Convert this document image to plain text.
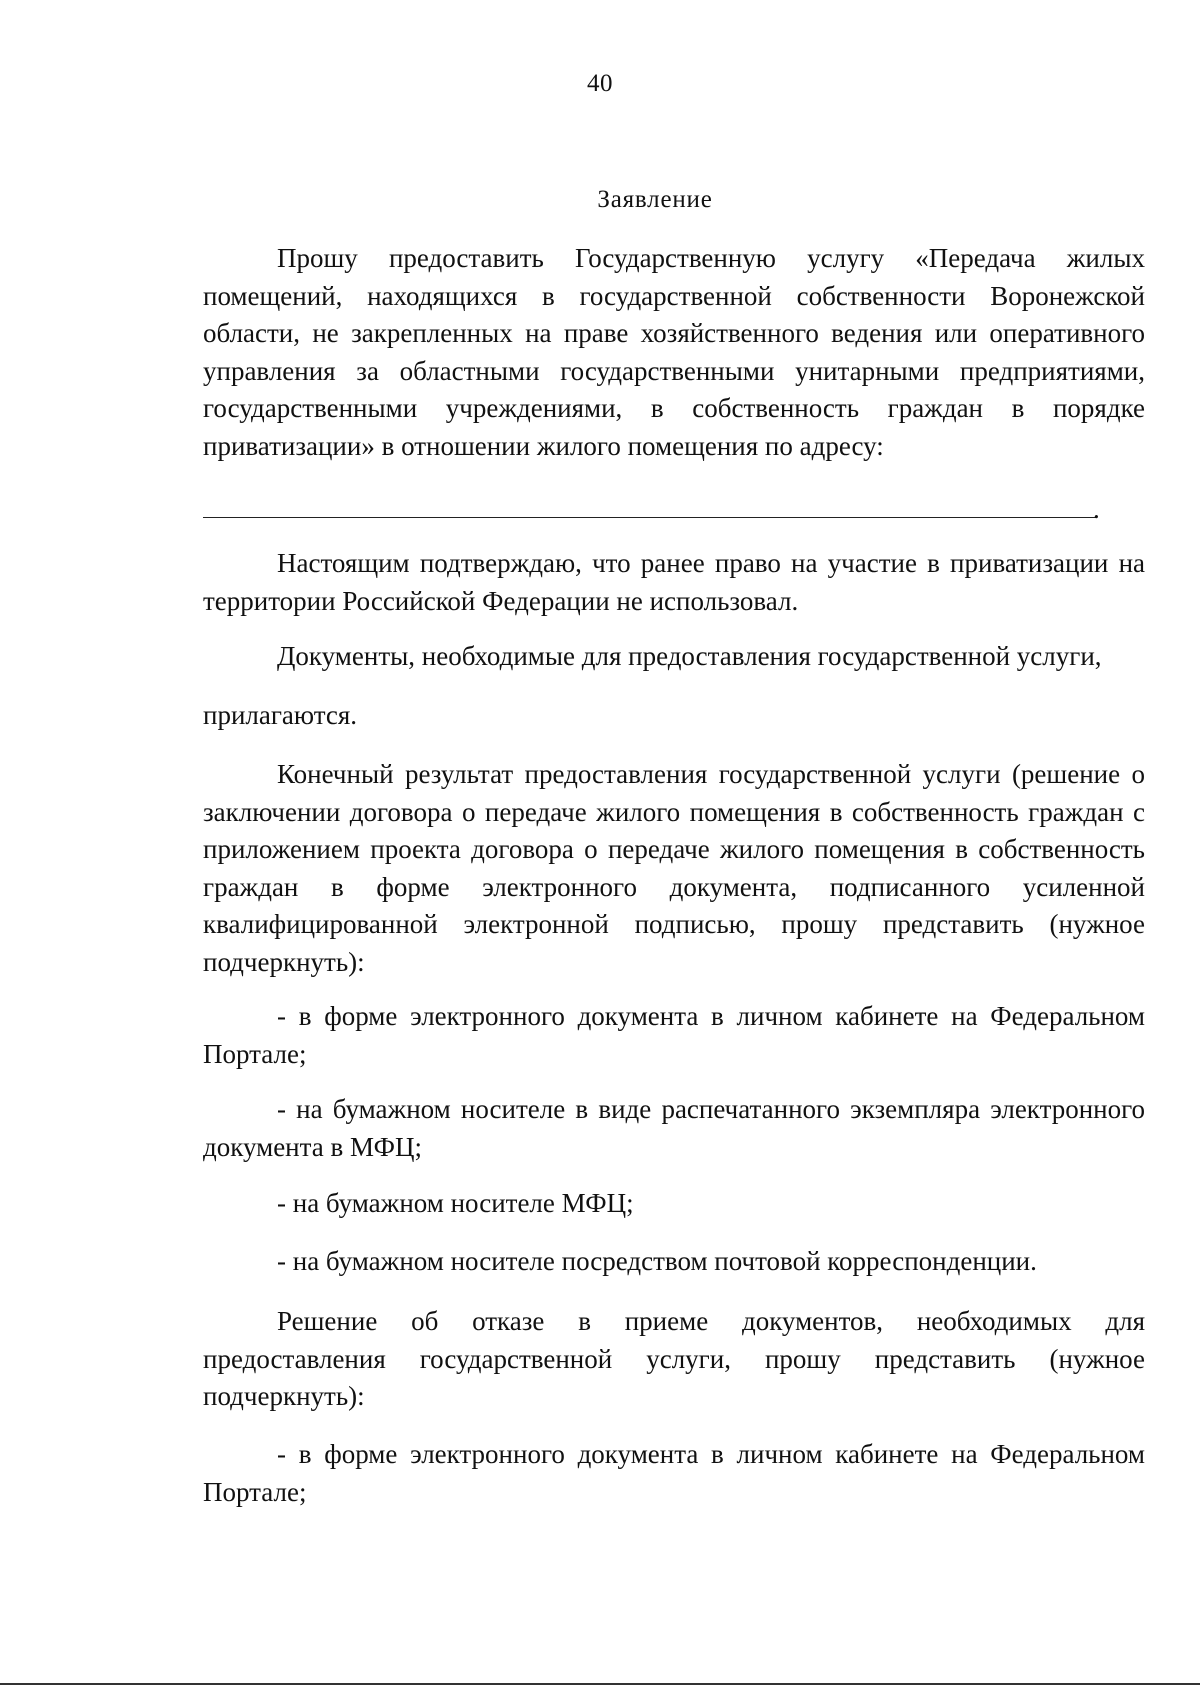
40
Заявление

Прошу предоставить Государственную услугу «Передача жилых помещений, находящихся в государственной собственности Воронежской области, не закрепленных на праве хозяйственного ведения или оперативного управления за областными государственными унитарными предприятиями, государственными учреждениями, в собственность граждан в порядке приватизации» в отношении жилого помещения по адресу:

.

Настоящим подтверждаю, что ранее право на участие в приватизации на территории Российской Федерации не использовал.

Документы, необходимые для предоставления государственной услуги,

прилагаются.

Конечный результат предоставления государственной услуги (решение о заключении договора о передаче жилого помещения в собственность граждан с приложением проекта договора о передаче жилого помещения в собственность граждан в форме электронного документа, подписанного усиленной квалифицированной электронной подписью, прошу представить (нужное подчеркнуть):

- в форме электронного документа в личном кабинете на Федеральном Портале;

- на бумажном носителе в виде распечатанного экземпляра электронного документа в МФЦ;

- на бумажном носителе МФЦ;

- на бумажном носителе посредством почтовой корреспонденции.

Решение об отказе в приеме документов, необходимых для предоставления государственной услуги, прошу представить (нужное подчеркнуть):

- в форме электронного документа в личном кабинете на Федеральном Портале;
